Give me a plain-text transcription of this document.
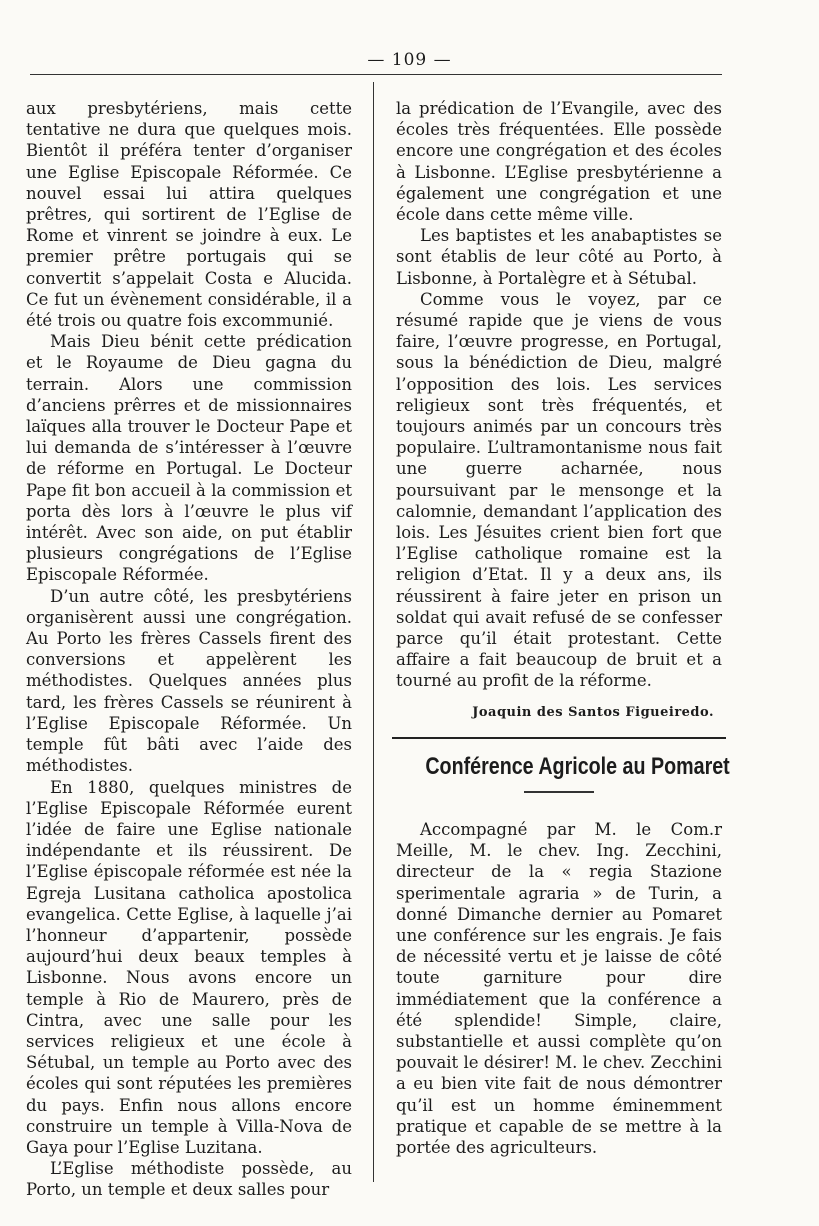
— 109 —

aux presbytériens, mais cette tentative ne dura que quelques mois. Bientôt il préféra tenter d’organiser une Eglise Episcopale Réformée. Ce nouvel essai lui attira quelques prêtres, qui sortirent de l’Eglise de Rome et vinrent se joindre à eux. Le premier prêtre portugais qui se convertit s’appelait Costa e Alucida. Ce fut un évènement considérable, il a été trois ou quatre fois excommunié.

Mais Dieu bénit cette prédication et le Royaume de Dieu gagna du terrain. Alors une commission d’anciens prêrres et de missionnaires laïques alla trouver le Docteur Pape et lui demanda de s’intéresser à l’œuvre de réforme en Portugal. Le Docteur Pape fit bon accueil à la commission et porta dès lors à l’œuvre le plus vif intérêt. Avec son aide, on put établir plusieurs congrégations de l’Eglise Episcopale Réformée.

D’un autre côté, les presbytériens organisèrent aussi une congrégation. Au Porto les frères Cassels firent des conversions et appelèrent les méthodistes. Quelques années plus tard, les frères Cassels se réunirent à l’Eglise Episcopale Réformée. Un temple fût bâti avec l’aide des méthodistes.

En 1880, quelques ministres de l’Eglise Episcopale Réformée eurent l’idée de faire une Eglise nationale indépendante et ils réussirent. De l’Eglise épiscopale réformée est née la Egreja Lusitana catholica apostolica evangelica. Cette Eglise, à laquelle j’ai l’honneur d’appartenir, possède aujourd’hui deux beaux temples à Lisbonne. Nous avons encore un temple à Rio de Maurero, près de Cintra, avec une salle pour les services religieux et une école à Sétubal, un temple au Porto avec des écoles qui sont réputées les premières du pays. Enfin nous allons encore construire un temple à Villa-Nova de Gaya pour l’Eglise Luzitana.

L’Eglise méthodiste possède, au Porto, un temple et deux salles pour

la prédication de l’Evangile, avec des écoles très fréquentées. Elle possède encore une congrégation et des écoles à Lisbonne. L’Eglise presbytérienne a également une congrégation et une école dans cette même ville.

Les baptistes et les anabaptistes se sont établis de leur côté au Porto, à Lisbonne, à Portalègre et à Sétubal.

Comme vous le voyez, par ce résumé rapide que je viens de vous faire, l’œuvre progresse, en Portugal, sous la bénédiction de Dieu, malgré l’opposition des lois. Les services religieux sont très fréquentés, et toujours animés par un concours très populaire. L’ultramontanisme nous fait une guerre acharnée, nous poursuivant par le mensonge et la calomnie, demandant l’application des lois. Les Jésuites crient bien fort que l’Eglise catholique romaine est la religion d’Etat. Il y a deux ans, ils réussirent à faire jeter en prison un soldat qui avait refusé de se confesser parce qu’il était protestant. Cette affaire a fait beaucoup de bruit et a tourné au profit de la réforme.

Joaquin des Santos Figueiredo.
Conférence Agricole au Pomaret

Accompagné par M. le Com.r Meille, M. le chev. Ing. Zecchini, directeur de la « regia Stazione sperimentale agraria » de Turin, a donné Dimanche dernier au Pomaret une conférence sur les engrais. Je fais de nécessité vertu et je laisse de côté toute garniture pour dire immédiatement que la conférence a été splendide! Simple, claire, substantielle et aussi complète qu’on pouvait le désirer! M. le chev. Zecchini a eu bien vite fait de nous démontrer qu’il est un homme éminemment pratique et capable de se mettre à la portée des agriculteurs.
